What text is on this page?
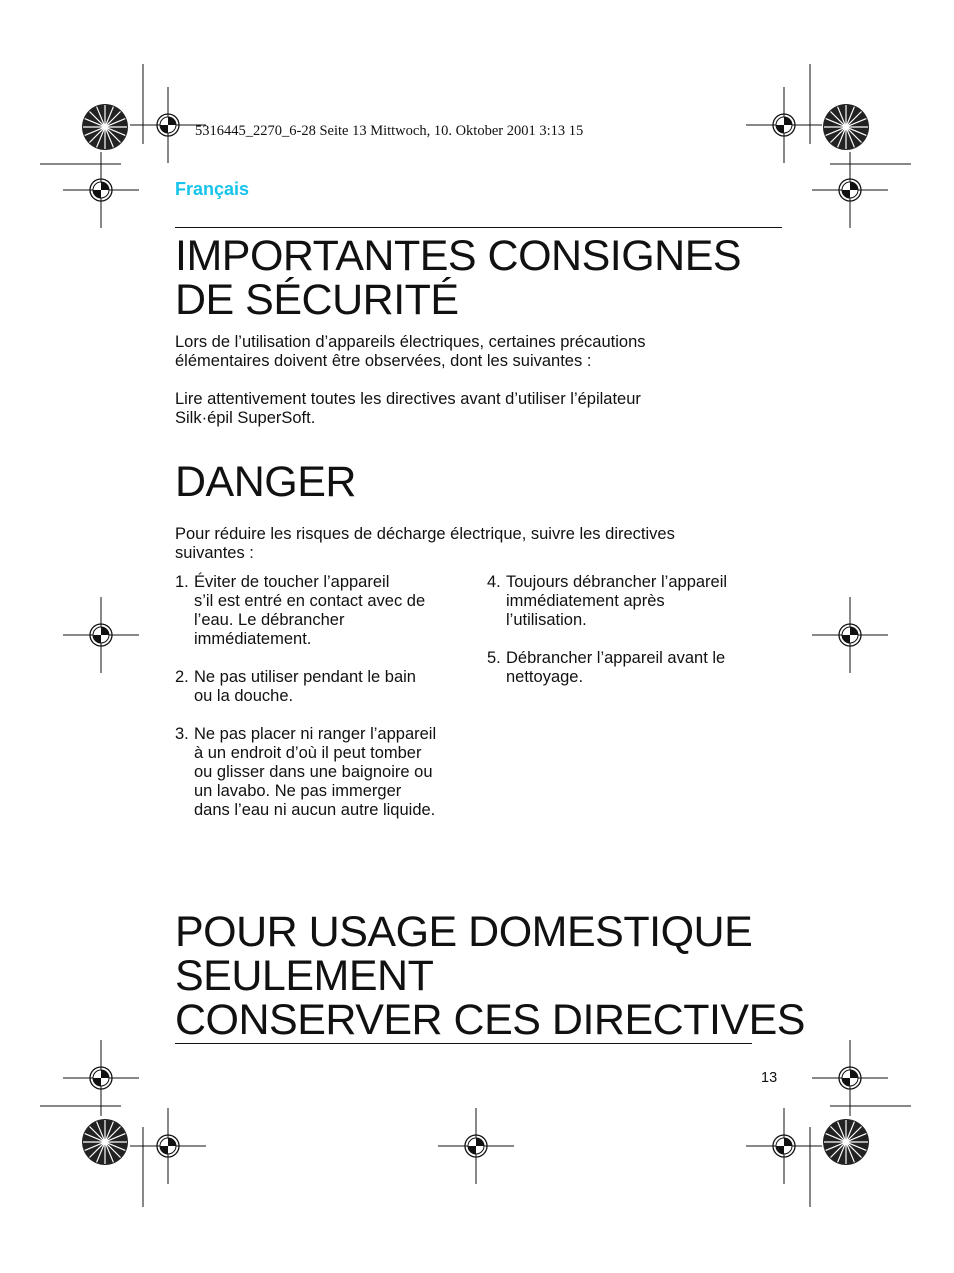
5316445_2270_6-28 Seite 13 Mittwoch, 10. Oktober 2001 3:13 15
Français
IMPORTANTES CONSIGNES
DE SÉCURITÉ

Lors de l’utilisation d’appareils électriques, certaines précautions

élémentaires doivent être observées, dont les suivantes :

Lire attentivement toutes les directives avant d’utiliser l’épilateur

Silk·épil SuperSoft.

DANGER

Pour réduire les risques de décharge électrique, suivre les directives

suivantes :

1. Éviter de toucher l’appareil
s’il est entré en contact avec de
l’eau. Le débrancher
immédiatement.
2. Ne pas utiliser pendant le bain
ou la douche.
3. Ne pas placer ni ranger l’appareil
à un endroit d’où il peut tomber
ou glisser dans une baignoire ou
un lavabo. Ne pas immerger
dans l’eau ni aucun autre liquide.
4. Toujours débrancher l’appareil
immédiatement après
l’utilisation.
5. Débrancher l’appareil avant le
nettoyage.
POUR USAGE DOMESTIQUE
SEULEMENT
CONSERVER CES DIRECTIVES
13
